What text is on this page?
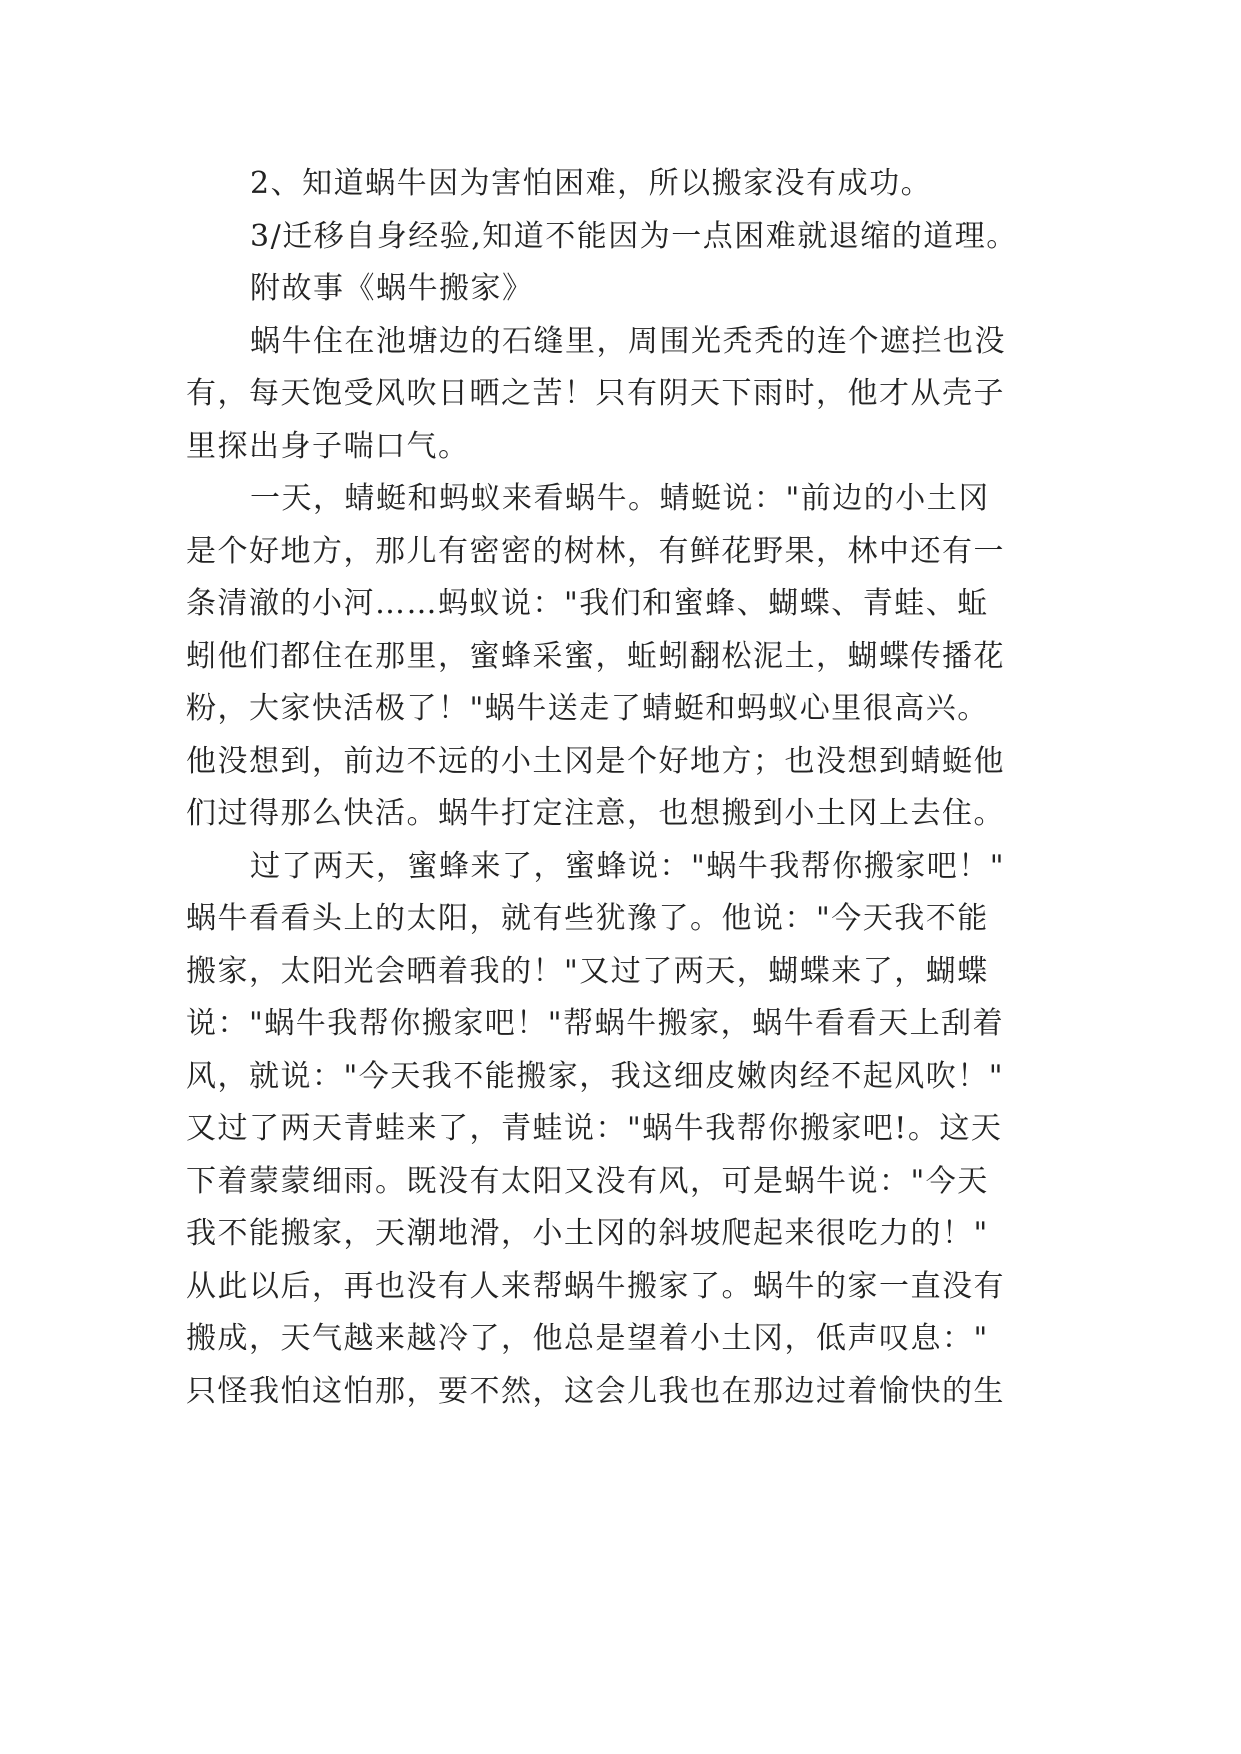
2、知道蜗牛因为害怕困难，所以搬家没有成功。
3/迁移自身经验,知道不能因为一点困难就退缩的道理。
附故事《蜗牛搬家》
蜗牛住在池塘边的石缝里，周围光秃秃的连个遮拦也没
有，每天饱受风吹日晒之苦！只有阴天下雨时，他才从壳子
里探出身子喘口气。
一天，蜻蜓和蚂蚁来看蜗牛。蜻蜓说："前边的小土冈
是个好地方，那儿有密密的树林，有鲜花野果，林中还有一
条清澈的小河……蚂蚁说："我们和蜜蜂、蝴蝶、青蛙、蚯
蚓他们都住在那里，蜜蜂采蜜，蚯蚓翻松泥土，蝴蝶传播花
粉，大家快活极了！"蜗牛送走了蜻蜓和蚂蚁心里很高兴。
他没想到，前边不远的小土冈是个好地方；也没想到蜻蜓他
们过得那么快活。蜗牛打定注意，也想搬到小土冈上去住。
过了两天，蜜蜂来了，蜜蜂说："蜗牛我帮你搬家吧！"
蜗牛看看头上的太阳，就有些犹豫了。他说："今天我不能
搬家，太阳光会晒着我的！"又过了两天，蝴蝶来了，蝴蝶
说："蜗牛我帮你搬家吧！"帮蜗牛搬家，蜗牛看看天上刮着
风，就说："今天我不能搬家，我这细皮嫩肉经不起风吹！"
又过了两天青蛙来了，青蛙说："蜗牛我帮你搬家吧!。这天
下着蒙蒙细雨。既没有太阳又没有风，可是蜗牛说："今天
我不能搬家，天潮地滑，小土冈的斜坡爬起来很吃力的！"
从此以后，再也没有人来帮蜗牛搬家了。蜗牛的家一直没有
搬成，天气越来越冷了，他总是望着小土冈，低声叹息："
只怪我怕这怕那，要不然，这会儿我也在那边过着愉快的生
